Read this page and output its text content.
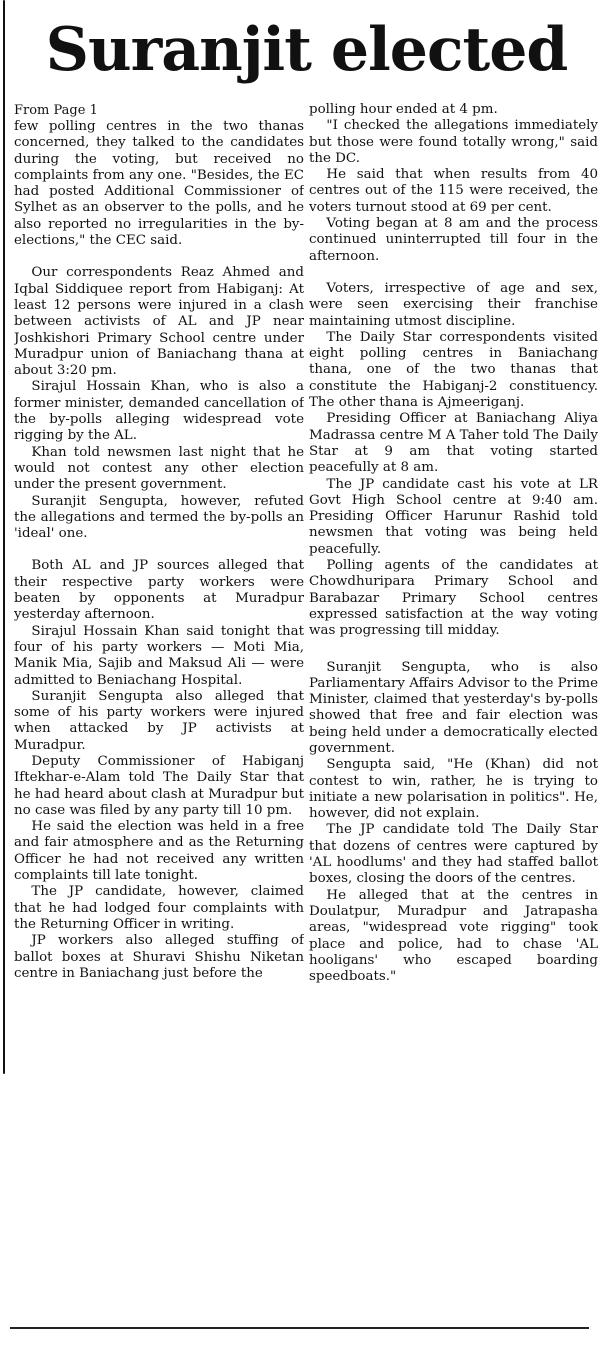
Suranjit elected

From Page 1

few polling centres in the two thanas concerned, they talked to the candidates during the voting, but received no complaints from any one. "Besides, the EC had posted Additional Commissioner of Sylhet as an observer to the polls, and he also reported no irregularities in the by-elections," the CEC said.

Our correspondents Reaz Ahmed and Iqbal Siddiquee report from Habiganj: At least 12 persons were injured in a clash between activists of AL and JP near Joshkishori Primary School centre under Muradpur union of Baniachang thana at about 3:20 pm.

Sirajul Hossain Khan, who is also a former minister, demanded cancellation of the by-polls alleging widespread vote rigging by the AL.

Khan told newsmen last night that he would not contest any other election under the present government.

Suranjit Sengupta, however, refuted the allegations and termed the by-polls an 'ideal' one.

Both AL and JP sources alleged that their respective party workers were beaten by opponents at Muradpur yesterday afternoon.

Sirajul Hossain Khan said tonight that four of his party workers — Moti Mia, Manik Mia, Sajib and Maksud Ali — were admitted to Beniachang Hospital.

Suranjit Sengupta also alleged that some of his party workers were injured when attacked by JP activists at Muradpur.

Deputy Commissioner of Habiganj Iftekhar-e-Alam told The Daily Star that he had heard about clash at Muradpur but no case was filed by any party till 10 pm.

He said the election was held in a free and fair atmosphere and as the Returning Officer he had not received any written complaints till late tonight.

The JP candidate, however, claimed that he had lodged four complaints with the Returning Officer in writing.

JP workers also alleged stuffing of ballot boxes at Shuravi Shishu Niketan centre in Baniachang just before the

polling hour ended at 4 pm.

"I checked the allegations immediately but those were found totally wrong," said the DC.

He said that when results from 40 centres out of the 115 were received, the voters turnout stood at 69 per cent.

Voting began at 8 am and the process continued uninterrupted till four in the afternoon.

Voters, irrespective of age and sex, were seen exercising their franchise maintaining utmost discipline.

The Daily Star correspondents visited eight polling centres in Baniachang thana, one of the two thanas that constitute the Habiganj-2 constituency. The other thana is Ajmeeriganj.

Presiding Officer at Baniachang Aliya Madrassa centre M A Taher told The Daily Star at 9 am that voting started peacefully at 8 am.

The JP candidate cast his vote at LR Govt High School centre at 9:40 am. Presiding Officer Harunur Rashid told newsmen that voting was being held peacefully.

Polling agents of the candidates at Chowdhuripara Primary School and Barabazar Primary School centres expressed satisfaction at the way voting was progressing till midday.

Suranjit Sengupta, who is also Parliamentary Affairs Advisor to the Prime Minister, claimed that yesterday's by-polls showed that free and fair election was being held under a democratically elected government.

Sengupta said, "He (Khan) did not contest to win, rather, he is trying to initiate a new polarisation in politics". He, however, did not explain.

The JP candidate told The Daily Star that dozens of centres were captured by 'AL hoodlums' and they had staffed ballot boxes, closing the doors of the centres.

He alleged that at the centres in Doulatpur, Muradpur and Jatrapasha areas, "widespread vote rigging" took place and police, had to chase 'AL hooligans' who escaped boarding speedboats."
